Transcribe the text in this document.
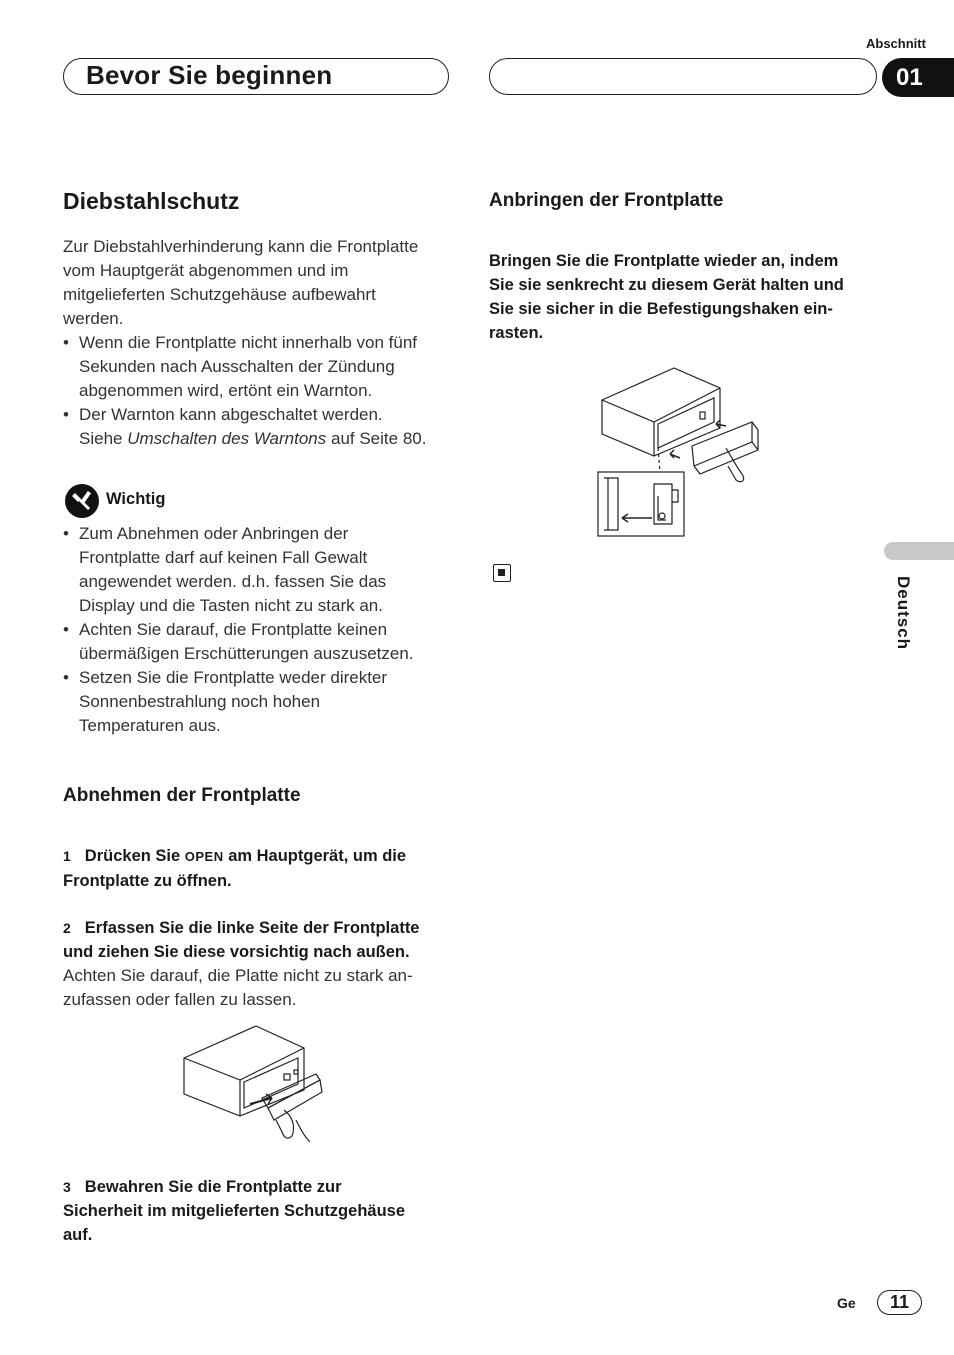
Abschnitt
Bevor Sie beginnen	01
Diebstahlschutz
Zur Diebstahlverhinderung kann die Frontplatte
vom Hauptgerät abgenommen und im
mitgelieferten Schutzgehäuse aufbewahrt
werden.
• Wenn die Frontplatte nicht innerhalb von fünf
Sekunden nach Ausschalten der Zündung
abgenommen wird, ertönt ein Warnton.
• Der Warnton kann abgeschaltet werden.
Siehe Umschalten des Warntons auf Seite 80.
Wichtig
• Zum Abnehmen oder Anbringen der
Frontplatte darf auf keinen Fall Gewalt
angewendet werden. d.h. fassen Sie das
Display und die Tasten nicht zu stark an.
• Achten Sie darauf, die Frontplatte keinen
übermäßigen Erschütterungen auszusetzen.
• Setzen Sie die Frontplatte weder direkter
Sonnenbestrahlung noch hohen
Temperaturen aus.
Abnehmen der Frontplatte
1 Drücken Sie OPEN am Hauptgerät, um die
Frontplatte zu öffnen.
2 Erfassen Sie die linke Seite der Frontplatte
und ziehen Sie diese vorsichtig nach außen.
Achten Sie darauf, die Platte nicht zu stark an-
zufassen oder fallen zu lassen.
3 Bewahren Sie die Frontplatte zur
Sicherheit im mitgelieferten Schutzgehäuse
auf.
Anbringen der Frontplatte
Bringen Sie die Frontplatte wieder an, indem
Sie sie senkrecht zu diesem Gerät halten und
Sie sie sicher in die Befestigungshaken ein-
rasten.
Deutsch
Ge	11
